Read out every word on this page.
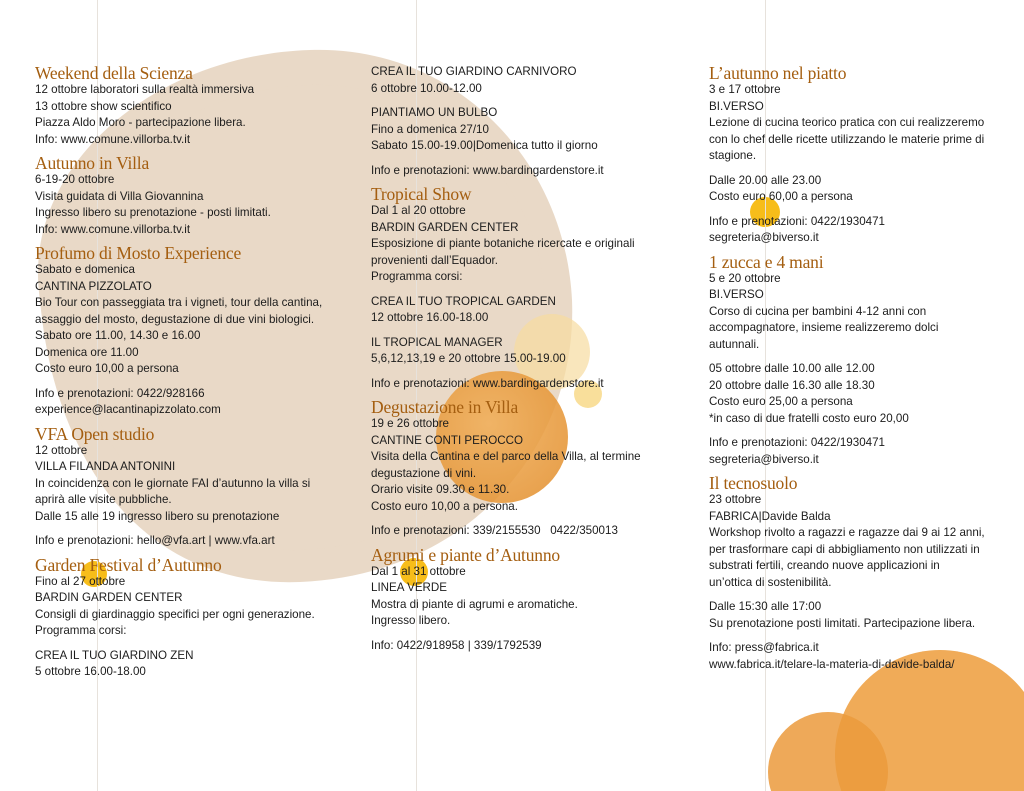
Weekend della Scienza
12 ottobre laboratori sulla realtà immersiva
13 ottobre show scientifico
Piazza Aldo Moro - partecipazione libera.
Info: www.comune.villorba.tv.it
Autunno in Villa
6-19-20 ottobre
Visita guidata di Villa Giovannina
Ingresso libero su prenotazione - posti limitati.
Info: www.comune.villorba.tv.it
Profumo di Mosto Experience
Sabato e domenica
CANTINA PIZZOLATO
Bio Tour con passeggiata tra i vigneti, tour della cantina,
assaggio del mosto, degustazione di due vini biologici.
Sabato ore 11.00, 14.30 e 16.00
Domenica ore 11.00
Costo euro 10,00 a persona
Info e prenotazioni: 0422/928166
experience@lacantinapizzolato.com
VFA Open studio
12 ottobre
VILLA FILANDA ANTONINI
In coincidenza con le giornate FAI d’autunno la villa si
aprirà alle visite pubbliche.
Dalle 15 alle 19 ingresso libero su prenotazione
Info e prenotazioni: hello@vfa.art | www.vfa.art
Garden Festival d’Autunno
Fino al 27 ottobre
BARDIN GARDEN CENTER
Consigli di giardinaggio specifici per ogni generazione.
Programma corsi:
CREA IL TUO GIARDINO ZEN
5 ottobre 16.00-18.00
CREA IL TUO GIARDINO CARNIVORO
6 ottobre 10.00-12.00
PIANTIAMO UN BULBO
Fino a domenica 27/10
Sabato 15.00-19.00|Domenica tutto il giorno
Info e prenotazioni: www.bardingardenstore.it
Tropical Show
Dal 1 al 20 ottobre
BARDIN GARDEN CENTER
Esposizione di piante botaniche ricercate e originali
provenienti dall’Equador.
Programma corsi:
CREA IL TUO TROPICAL GARDEN
12 ottobre 16.00-18.00
IL TROPICAL MANAGER
5,6,12,13,19 e 20 ottobre 15.00-19.00
Info e prenotazioni: www.bardingardenstore.it
Degustazione in Villa
19 e 26 ottobre
CANTINE CONTI PEROCCO
Visita della Cantina e del parco della Villa, al termine
degustazione di vini.
Orario visite 09.30 e 11.30.
Costo euro 10,00 a persona.
Info e prenotazioni: 339/2155530   0422/350013
Agrumi e piante d’Autunno
Dal 1 al 31 ottobre
LINEA VERDE
Mostra di piante di agrumi e aromatiche.
Ingresso libero.
Info: 0422/918958 | 339/1792539
L’autunno nel piatto
3 e 17 ottobre
BI.VERSO
Lezione di cucina teorico pratica con cui realizzeremo
con lo chef delle ricette utilizzando le materie prime di
stagione.
Dalle 20.00 alle 23.00
Costo euro 60,00 a persona
Info e prenotazioni: 0422/1930471
segreteria@biverso.it
1 zucca e 4 mani
5 e 20 ottobre
BI.VERSO
Corso di cucina per bambini 4-12 anni con
accompagnatore, insieme realizzeremo dolci
autunnali.
05 ottobre dalle 10.00 alle 12.00
20 ottobre dalle 16.30 alle 18.30
Costo euro 25,00 a persona
*in caso di due fratelli costo euro 20,00
Info e prenotazioni: 0422/1930471
segreteria@biverso.it
Il tecnosuolo
23 ottobre
FABRICA|Davide Balda
Workshop rivolto a ragazzi e ragazze dai 9 ai 12 anni,
per trasformare capi di abbigliamento non utilizzati in
substrati fertili, creando nuove applicazioni in
un’ottica di sostenibilità.
Dalle 15:30 alle 17:00
Su prenotazione posti limitati. Partecipazione libera.
Info: press@fabrica.it
www.fabrica.it/telare-la-materia-di-davide-balda/
